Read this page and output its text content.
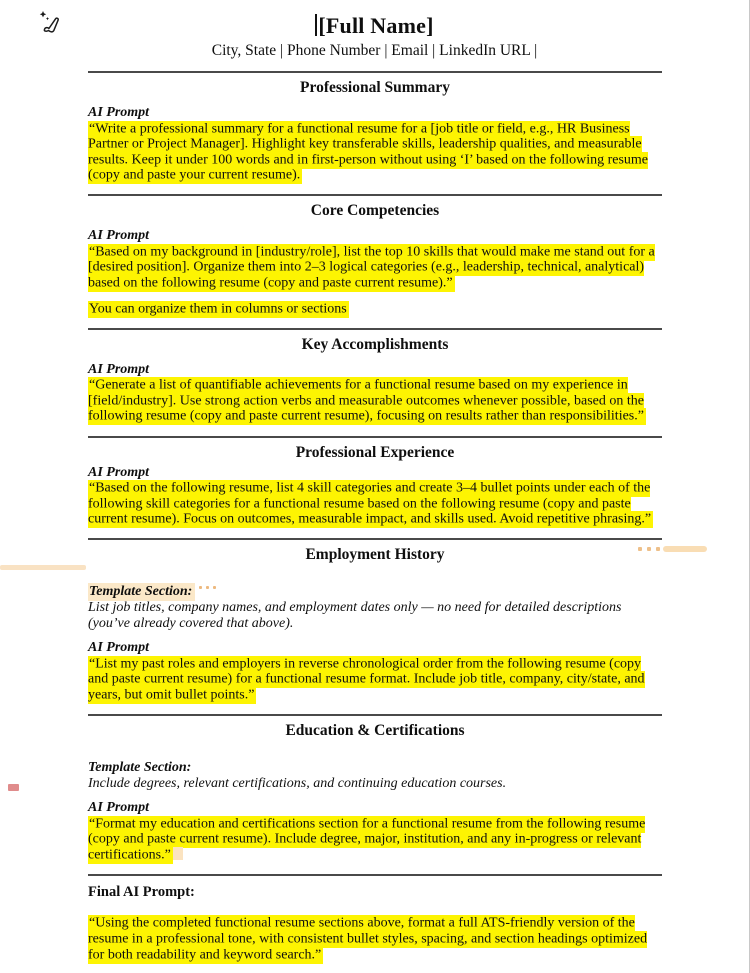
[Full Name]

City, State | Phone Number | Email | LinkedIn URL |

Professional Summary

AI Prompt

“Write a professional summary for a functional resume for a [job title or field, e.g., HR Business Partner or Project Manager]. Highlight key transferable skills, leadership qualities, and measurable results. Keep it under 100 words and in first-person without using ‘I’ based on the following resume (copy and paste your current resume).

Core Competencies

AI Prompt

“Based on my background in [industry/role], list the top 10 skills that would make me stand out for a [desired position]. Organize them into 2–3 logical categories (e.g., leadership, technical, analytical) based on the following resume (copy and paste current resume).”

You can organize them in columns or sections

Key Accomplishments

AI Prompt

“Generate a list of quantifiable achievements for a functional resume based on my experience in [field/industry]. Use strong action verbs and measurable outcomes whenever possible, based on the following resume (copy and paste current resume), focusing on results rather than responsibilities.”

Professional Experience

AI Prompt

“Based on the following resume, list 4 skill categories and create 3–4 bullet points under each of the following skill categories for a functional resume based on the following resume (copy and paste current resume). Focus on outcomes, measurable impact, and skills used. Avoid repetitive phrasing.”

Employment History

Template Section:

List job titles, company names, and employment dates only — no need for detailed descriptions (you’ve already covered that above).

AI Prompt

“List my past roles and employers in reverse chronological order from the following resume (copy and paste current resume) for a functional resume format. Include job title, company, city/state, and years, but omit bullet points.”

Education & Certifications

Template Section:

Include degrees, relevant certifications, and continuing education courses.

AI Prompt

“Format my education and certifications section for a functional resume from the following resume (copy and paste current resume). Include degree, major, institution, and any in-progress or relevant certifications.”

Final AI Prompt:

“Using the completed functional resume sections above, format a full ATS-friendly version of the resume in a professional tone, with consistent bullet styles, spacing, and section headings optimized for both readability and keyword search.”
